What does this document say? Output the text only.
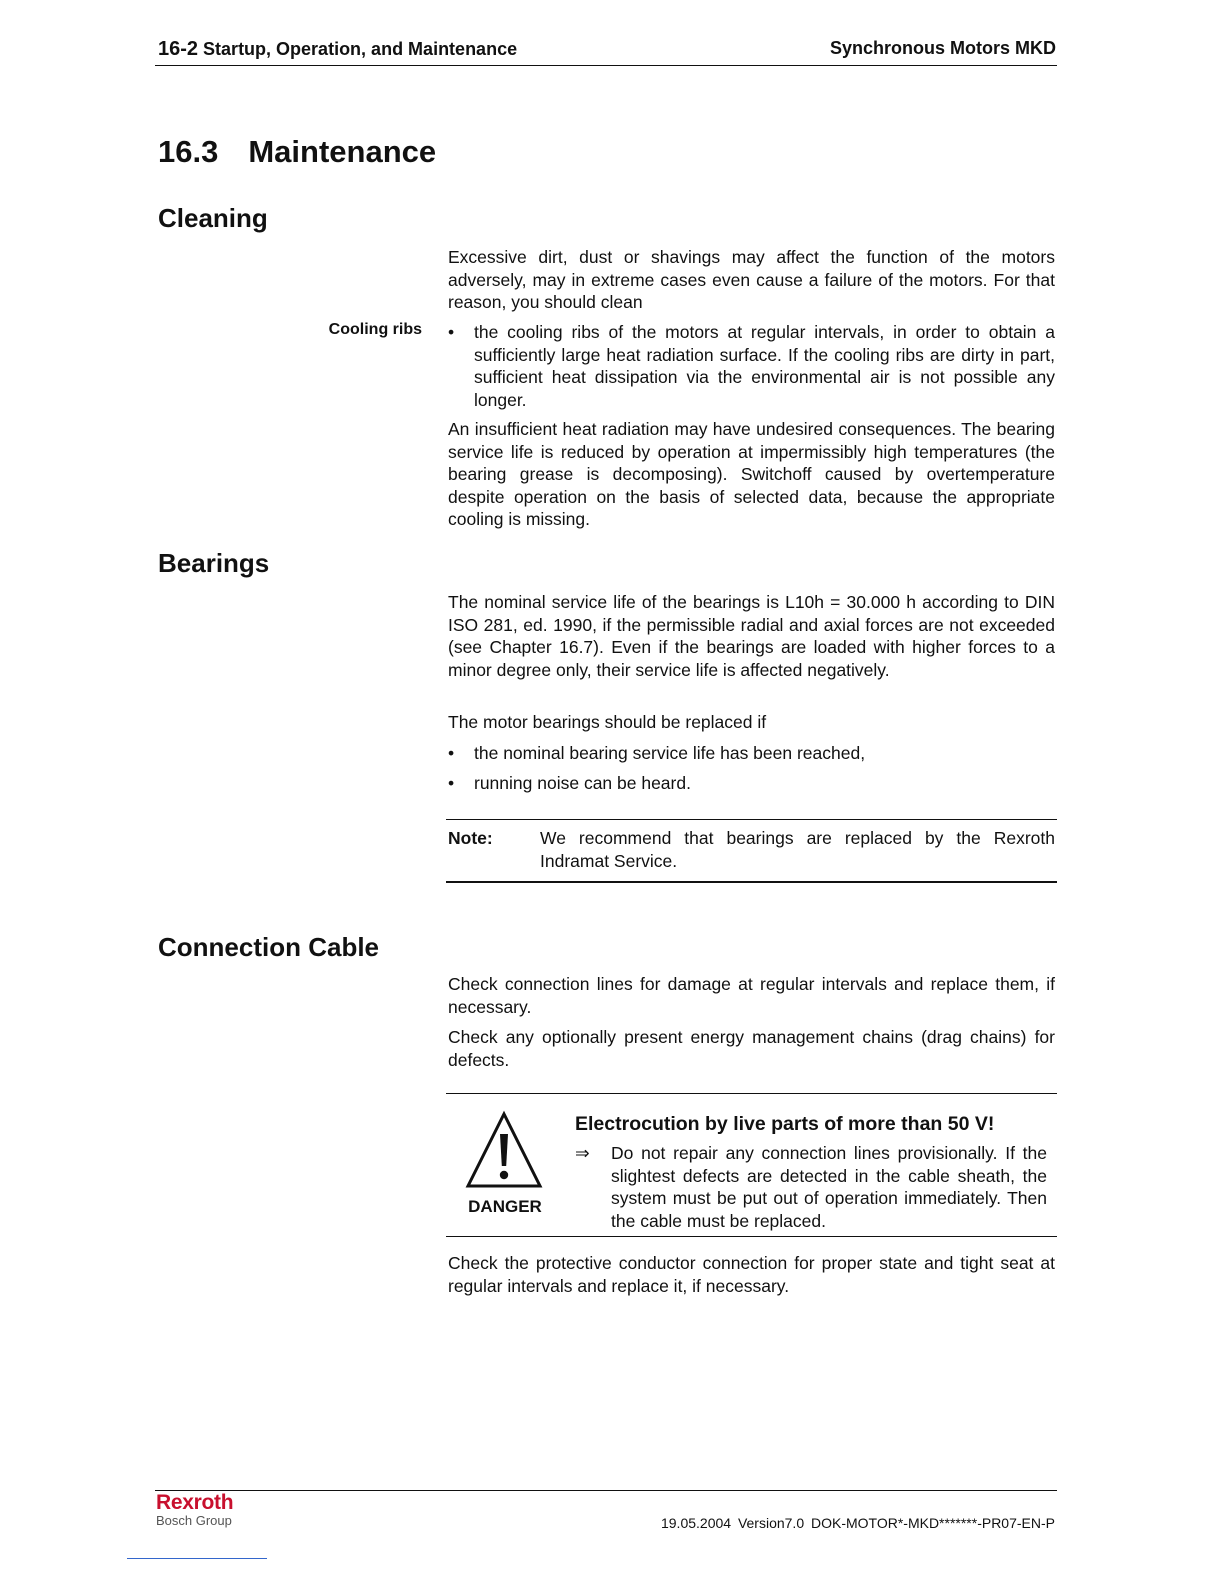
16-2 Startup, Operation, and Maintenance	Synchronous Motors MKD
16.3 Maintenance
Cleaning

Excessive dirt, dust or shavings may affect the function of the motors adversely, may in extreme cases even cause a failure of the motors. For that reason, you should clean

Cooling ribs • the cooling ribs of the motors at regular intervals, in order to obtain a sufficiently large heat radiation surface. If the cooling ribs are dirty in part, sufficient heat dissipation via the environmental air is not possible any longer.

An insufficient heat radiation may have undesired consequences. The bearing service life is reduced by operation at impermissibly high temperatures (the bearing grease is decomposing). Switchoff caused by overtemperature despite operation on the basis of selected data, because the appropriate cooling is missing.

Bearings

The nominal service life of the bearings is L10h = 30.000 h according to DIN ISO 281, ed. 1990, if the permissible radial and axial forces are not exceeded (see Chapter 16.7). Even if the bearings are loaded with higher forces to a minor degree only, their service life is affected negatively.

The motor bearings should be replaced if

• the nominal bearing service life has been reached,
• running noise can be heard.
Note:	We recommend that bearings are replaced by the Rexroth Indramat Service.
Connection Cable

Check connection lines for damage at regular intervals and replace them, if necessary.

Check any optionally present energy management chains (drag chains) for defects.

DANGER
Electrocution by live parts of more than 50 V!
⇒ Do not repair any connection lines provisionally. If the slightest defects are detected in the cable sheath, the system must be put out of operation immediately. Then the cable must be replaced.

Check the protective conductor connection for proper state and tight seat at regular intervals and replace it, if necessary.

Rexroth
Bosch Group	19.05.2004 Version7.0 DOK-MOTOR*-MKD*******-PR07-EN-P
